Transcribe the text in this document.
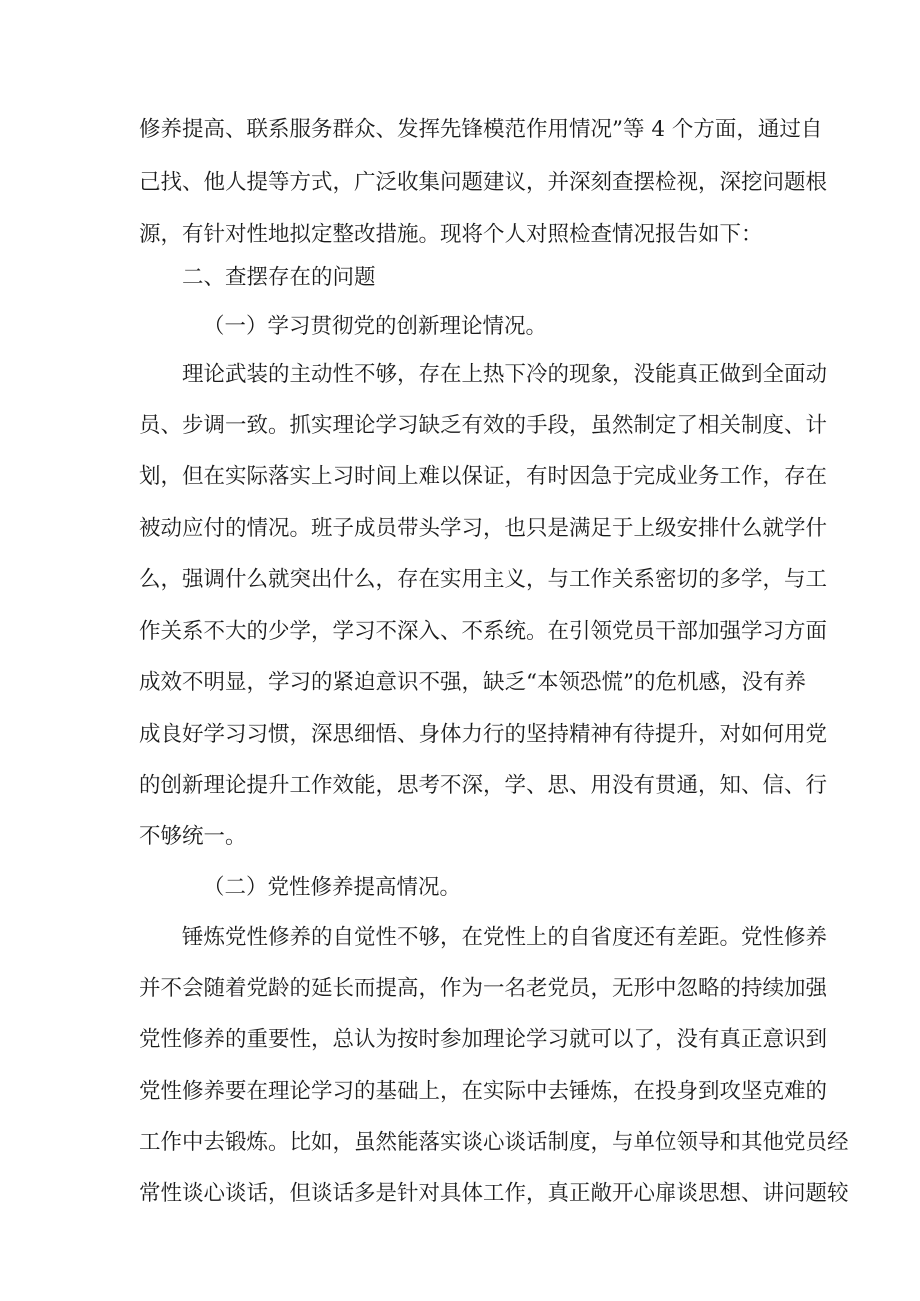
修养提高、联系服务群众、发挥先锋模范作用情况”等 4 个方面，通过自
己找、他人提等方式，广泛收集问题建议，并深刻查摆检视，深挖问题根
源，有针对性地拟定整改措施。现将个人对照检查情况报告如下：
二、查摆存在的问题
（一）学习贯彻党的创新理论情况。
理论武装的主动性不够，存在上热下冷的现象，没能真正做到全面动
员、步调一致。抓实理论学习缺乏有效的手段，虽然制定了相关制度、计
划，但在实际落实上习时间上难以保证，有时因急于完成业务工作，存在
被动应付的情况。班子成员带头学习，也只是满足于上级安排什么就学什
么，强调什么就突出什么，存在实用主义，与工作关系密切的多学，与工
作关系不大的少学，学习不深入、不系统。在引领党员干部加强学习方面
成效不明显，学习的紧迫意识不强，缺乏“本领恐慌”的危机感，没有养
成良好学习习惯，深思细悟、身体力行的坚持精神有待提升，对如何用党
的创新理论提升工作效能，思考不深，学、思、用没有贯通，知、信、行
不够统一。
（二）党性修养提高情况。
锤炼党性修养的自觉性不够，在党性上的自省度还有差距。党性修养
并不会随着党龄的延长而提高，作为一名老党员，无形中忽略的持续加强
党性修养的重要性，总认为按时参加理论学习就可以了，没有真正意识到
党性修养要在理论学习的基础上，在实际中去锤炼，在投身到攻坚克难的
工作中去锻炼。比如，虽然能落实谈心谈话制度，与单位领导和其他党员经
常性谈心谈话，但谈话多是针对具体工作，真正敞开心扉谈思想、讲问题较
